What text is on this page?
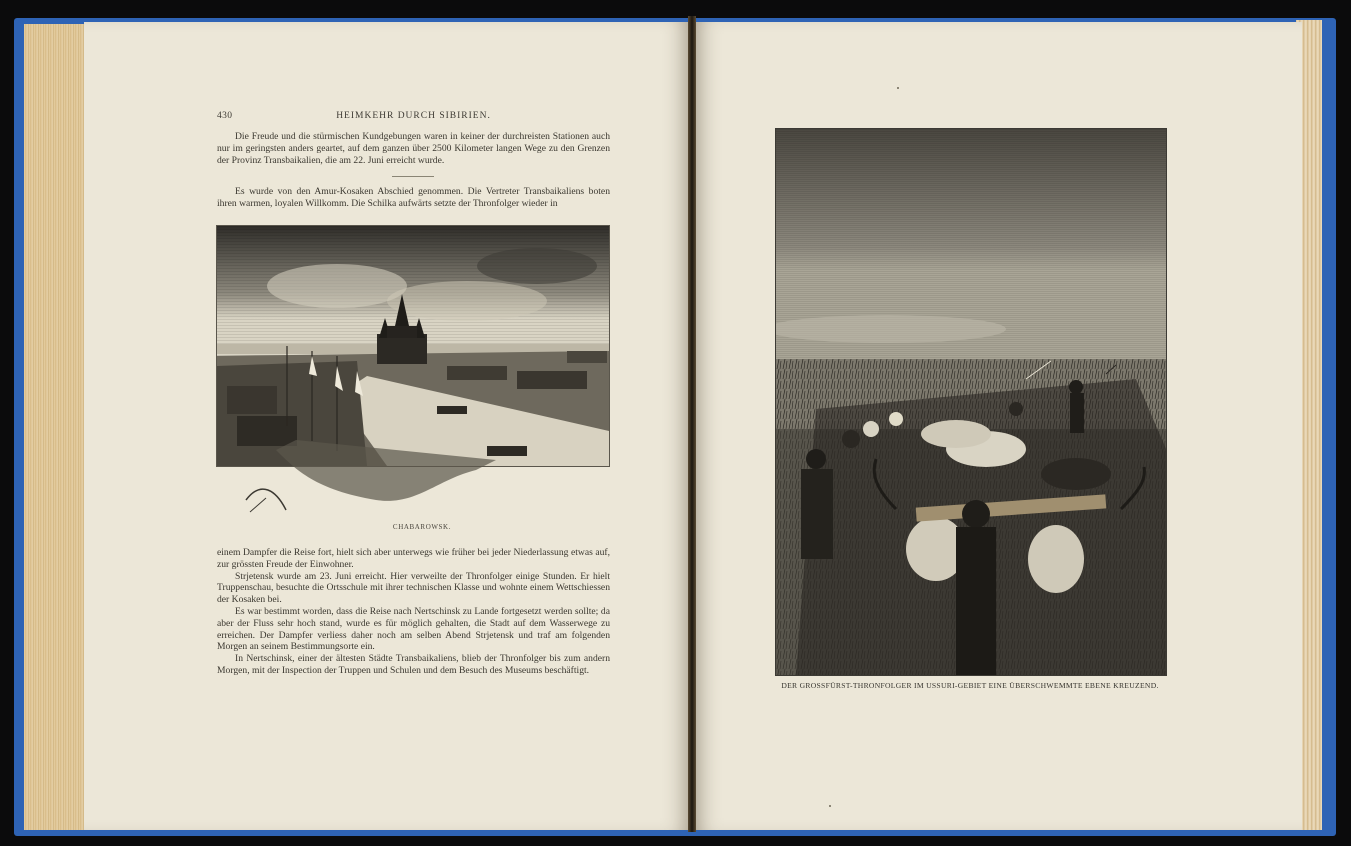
430	HEIMKEHR DURCH SIBIRIEN.

Die Freude und die stürmischen Kundgebungen waren in keiner der durchreisten Stationen auch nur im geringsten anders geartet, auf dem ganzen über 2500 Kilometer langen Wege zu den Grenzen der Provinz Transbaikalien, die am 22. Juni erreicht wurde.

Es wurde von den Amur-Kosaken Abschied genommen. Die Vertreter Transbaikaliens boten ihren warmen, loyalen Willkomm. Die Schilka aufwärts setzte der Thronfolger wieder in

CHABAROWSK.

einem Dampfer die Reise fort, hielt sich aber unterwegs wie früher bei jeder Niederlassung etwas auf, zur grössten Freude der Einwohner.

Strjetensk wurde am 23. Juni erreicht. Hier verweilte der Thronfolger einige Stunden. Er hielt Truppenschau, besuchte die Ortsschule mit ihrer technischen Klasse und wohnte einem Wettschiessen der Kosaken bei.

Es war bestimmt worden, dass die Reise nach Nertschinsk zu Lande fortgesetzt werden sollte; da aber der Fluss sehr hoch stand, wurde es für möglich gehalten, die Stadt auf dem Wasserwege zu erreichen. Der Dampfer verliess daher noch am selben Abend Strjetensk und traf am folgenden Morgen an seinem Bestimmungsorte ein.

In Nertschinsk, einer der ältesten Städte Transbaikaliens, blieb der Thronfolger bis zum andern Morgen, mit der Inspection der Truppen und Schulen und dem Besuch des Museums beschäftigt.

DER GROSSFÜRST-THRONFOLGER IM USSURI-GEBIET EINE ÜBERSCHWEMMTE EBENE KREUZEND.
